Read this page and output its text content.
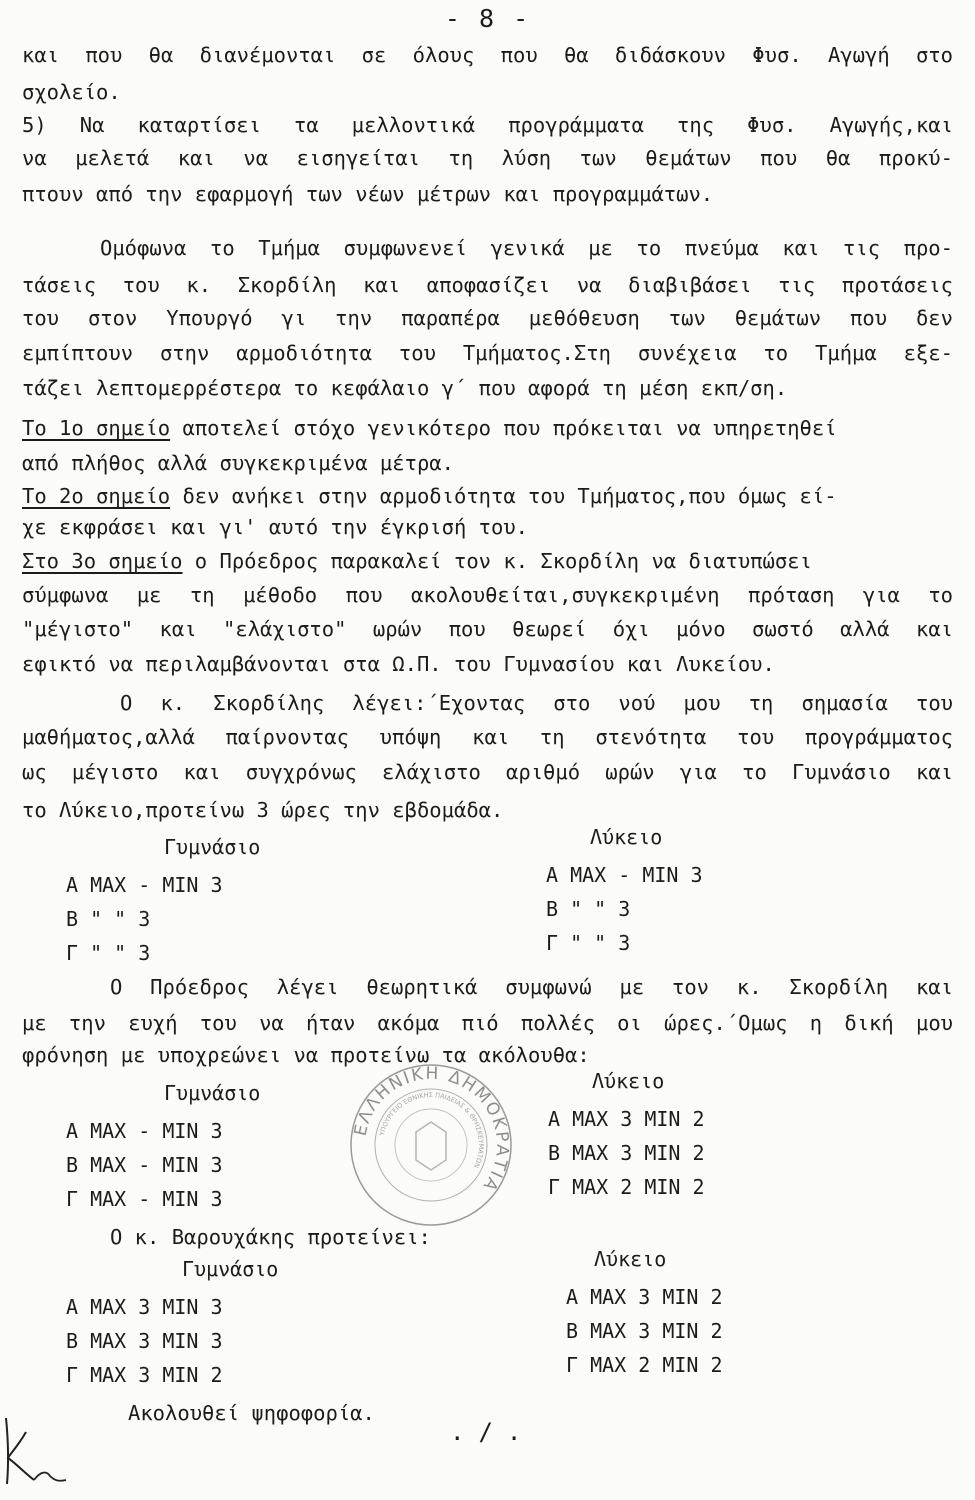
- 8 -
και που θα διανέμονται σε όλους που θα διδάσκουν Φυσ. Αγωγή στο
σχολείο.
5) Να καταρτίσει τα μελλοντικά προγράμματα της Φυσ. Αγωγής,και
να μελετά και να εισηγείται τη λύση των θεμάτων που θα προκύ-
πτουν από την εφαρμογή των νέων μέτρων και προγραμμάτων.
Ομόφωνα το Τμήμα συμφωνενεί γενικά με το πνεύμα και τις προ-
τάσεις του κ. Σκορδίλη και αποφασίζει να διαβιβάσει τις προτάσεις
του στον Υπουργό γι την παραπέρα μεθόθευση των θεμάτων που δεν
εμπίπτουν στην αρμοδιότητα του Τμήματος.Στη συνέχεια το Τμήμα εξε-
τάζει λεπτομερρέστερα το κεφάλαιο γ΄ που αφορά τη μέση εκπ/ση.
Το 1ο σημείο αποτελεί στόχο γενικότερο που πρόκειται να υπηρετηθεί
από πλήθος αλλά συγκεκριμένα μέτρα.
Το 2ο σημείο δεν ανήκει στην αρμοδιότητα του Τμήματος,που όμως εί-
χε εκφράσει και γι' αυτό την έγκρισή του.
Στο 3ο σημείο ο Πρόεδρος παρακαλεί τον κ. Σκορδίλη να διατυπώσει
σύμφωνα με τη μέθοδο που ακολουθείται,συγκεκριμένη πρόταση για το
"μέγιστο" και "ελάχιστο" ωρών που θεωρεί όχι μόνο σωστό αλλά και
εφικτό να περιλαμβάνονται στα Ω.Π. του Γυμνασίου και Λυκείου.
Ο κ. Σκορδίλης λέγει:΄Εχοντας στο νού μου τη σημασία του
μαθήματος,αλλά παίρνοντας υπόψη και τη στενότητα του προγράμματος
ως μέγιστο και συγχρόνως ελάχιστο αριθμό ωρών για το Γυμνάσιο και
το Λύκειο,προτείνω 3 ώρες την εβδομάδα.
Γυμνάσιο
Α MAX - MIN 3
Β " " 3
Γ " " 3
Λύκειο
Α MAX - MIN 3
Β " " 3
Γ " " 3
Ο Πρόεδρος λέγει θεωρητικά συμφωνώ με τον κ. Σκορδίλη και
με την ευχή του να ήταν ακόμα πιό πολλές οι ώρες.΄Ομως η δική μου
φρόνηση με υποχρεώνει να προτείνω τα ακόλουθα:
Γυμνάσιο
Α MAX - MIN 3
Β MAX - MIN 3
Γ MAX - MIN 3
Λύκειο
Α MAX 3 MIN 2
Β MAX 3 MIN 2
Γ MAX 2 MIN 2
Ο κ. Βαρουχάκης προτείνει:
Γυμνάσιο
Α MAX 3 MIN 3
Β MAX 3 MIN 3
Γ MAX 3 MIN 2
Λύκειο
Α MAX 3 MIN 2
Β MAX 3 MIN 2
Γ MAX 2 MIN 2
Ακολουθεί ψηφοφορία.
./.
ΕΛΛΗΝΙΚΗ ΔΗΜΟΚΡΑΤΙΑ
ΥΠΟΥΡΓΕΙΟ ΕΘΝΙΚΗΣ ΠΑΙΔΕΙΑΣ & ΘΡΗΣΚΕΥΜΑΤΩΝ
